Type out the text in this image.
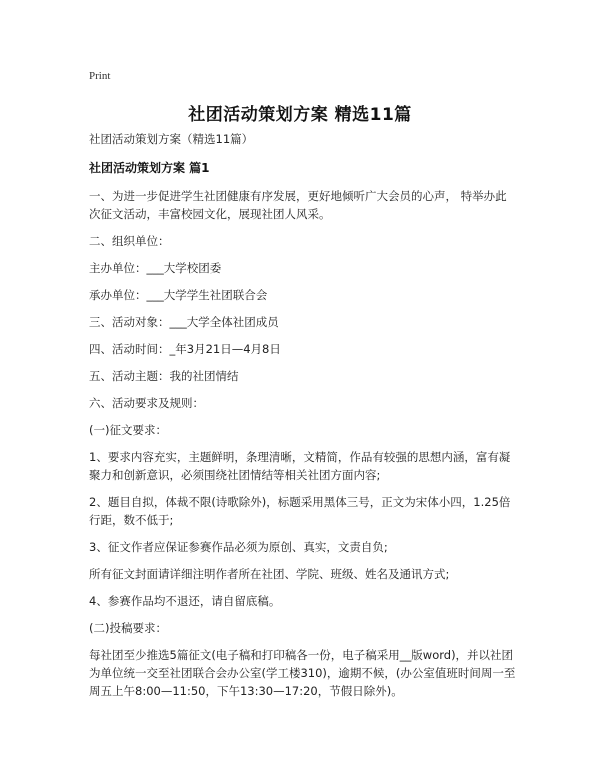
Print
社团活动策划方案 精选11篇

社团活动策划方案（精选11篇）

社团活动策划方案 篇1

一、为进一步促进学生社团健康有序发展，更好地倾听广大会员的心声， 特举办此次征文活动，丰富校园文化，展现社团人风采。

二、组织单位：

主办单位：___大学校团委

承办单位：___大学学生社团联合会

三、活动对象：___大学全体社团成员

四、活动时间：_年3月21日—4月8日

五、活动主题：我的社团情结

六、活动要求及规则：

(一)征文要求：

1、要求内容充实，主题鲜明，条理清晰，文精简，作品有较强的思想内涵，富有凝聚力和创新意识，必须围绕社团情结等相关社团方面内容;

2、题目自拟，体裁不限(诗歌除外)，标题采用黑体三号，正文为宋体小四，1.25倍行距，数不低于;

3、征文作者应保证参赛作品必须为原创、真实，文责自负;

所有征文封面请详细注明作者所在社团、学院、班级、姓名及通讯方式;

4、参赛作品均不退还，请自留底稿。

(二)投稿要求：

每社团至少推选5篇征文(电子稿和打印稿各一份，电子稿采用__版word)，并以社团为单位统一交至社团联合会办公室(学工楼310)，逾期不候，(办公室值班时间周一至周五上午8:00—11:50，下午13:30—17:20，节假日除外)。
